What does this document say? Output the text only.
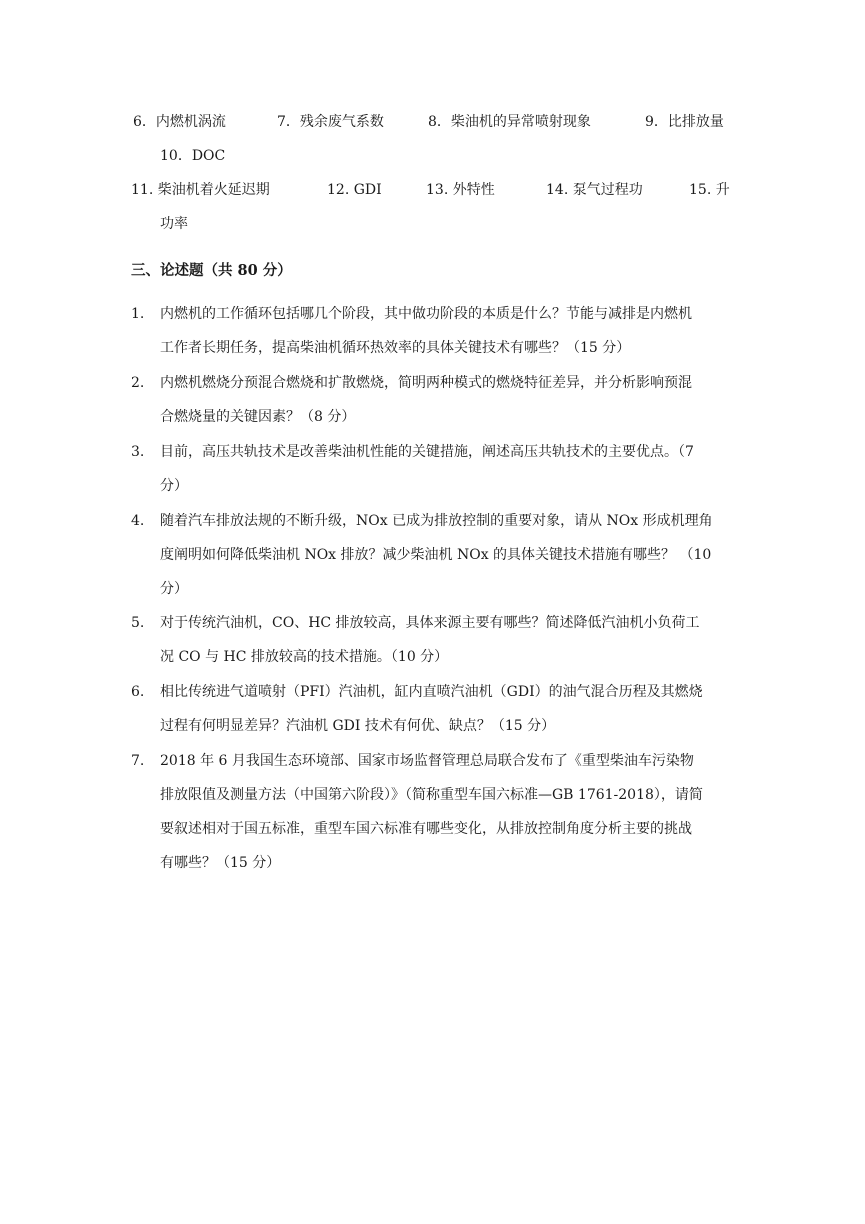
6．内燃机涡流	7．残余废气系数	8．柴油机的异常喷射现象	9．比排放量
10．DOC
11. 柴油机着火延迟期	12. GDI	13. 外特性	14. 泵气过程功	15. 升
功率
三、论述题（共 80 分）
1. 内燃机的工作循环包括哪几个阶段，其中做功阶段的本质是什么？节能与减排是内燃机
工作者长期任务，提高柴油机循环热效率的具体关键技术有哪些？（15 分）
2. 内燃机燃烧分预混合燃烧和扩散燃烧，简明两种模式的燃烧特征差异，并分析影响预混
合燃烧量的关键因素？（8 分）
3. 目前，高压共轨技术是改善柴油机性能的关键措施，阐述高压共轨技术的主要优点。（7
分）
4. 随着汽车排放法规的不断升级，NOx 已成为排放控制的重要对象，请从 NOx 形成机理角
度阐明如何降低柴油机 NOx 排放？减少柴油机 NOx 的具体关键技术措施有哪些？ （10
分）
5. 对于传统汽油机，CO、HC 排放较高，具体来源主要有哪些？简述降低汽油机小负荷工
况 CO 与 HC 排放较高的技术措施。（10 分）
6. 相比传统进气道喷射（PFI）汽油机，缸内直喷汽油机（GDI）的油气混合历程及其燃烧
过程有何明显差异？汽油机 GDI 技术有何优、缺点？（15 分）
7. 2018 年 6 月我国生态环境部、国家市场监督管理总局联合发布了《重型柴油车污染物
排放限值及测量方法（中国第六阶段）》（简称重型车国六标准—GB 1761-2018），请简
要叙述相对于国五标准，重型车国六标准有哪些变化，从排放控制角度分析主要的挑战
有哪些？（15 分）
